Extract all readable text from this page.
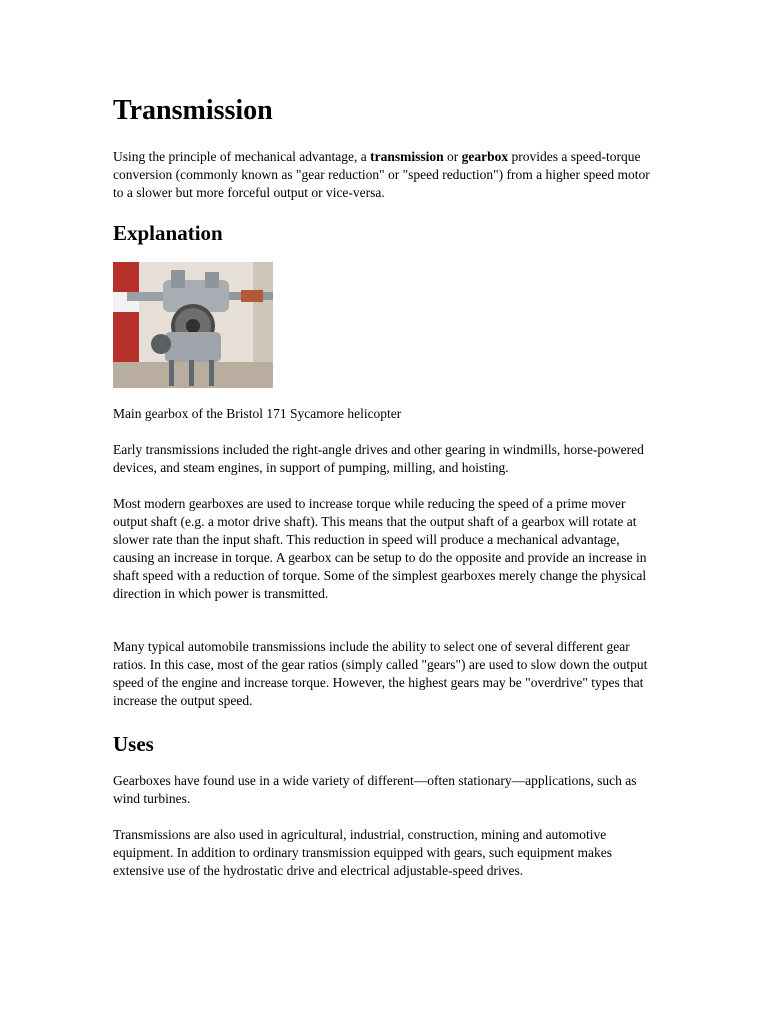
Transmission

Using the principle of mechanical advantage, a transmission or gearbox provides a speed-torque conversion (commonly known as "gear reduction" or "speed reduction") from a higher speed motor to a slower but more forceful output or vice-versa.

Explanation

Main gearbox of the Bristol 171 Sycamore helicopter

Early transmissions included the right-angle drives and other gearing in windmills, horse-powered devices, and steam engines, in support of pumping, milling, and hoisting.

Most modern gearboxes are used to increase torque while reducing the speed of a prime mover output shaft (e.g. a motor drive shaft). This means that the output shaft of a gearbox will rotate at slower rate than the input shaft. This reduction in speed will produce a mechanical advantage, causing an increase in torque. A gearbox can be setup to do the opposite and provide an increase in shaft speed with a reduction of torque. Some of the simplest gearboxes merely change the physical direction in which power is transmitted.

Many typical automobile transmissions include the ability to select one of several different gear ratios. In this case, most of the gear ratios (simply called "gears") are used to slow down the output speed of the engine and increase torque. However, the highest gears may be "overdrive" types that increase the output speed.

Uses

Gearboxes have found use in a wide variety of different—often stationary—applications, such as wind turbines.

Transmissions are also used in agricultural, industrial, construction, mining and automotive equipment. In addition to ordinary transmission equipped with gears, such equipment makes extensive use of the hydrostatic drive and electrical adjustable-speed drives.
